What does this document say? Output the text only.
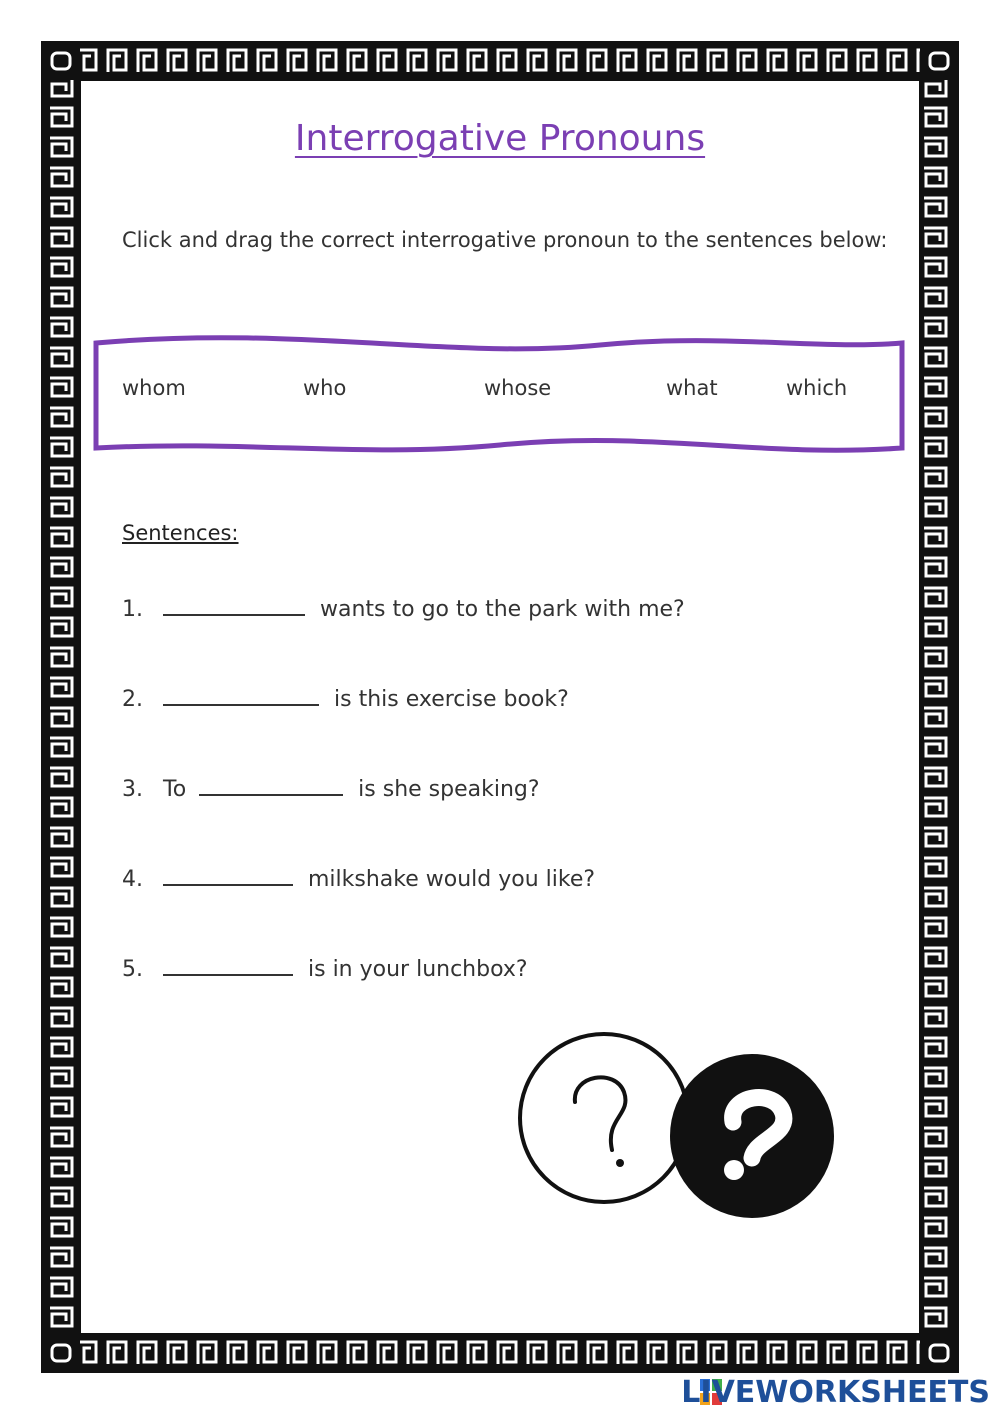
Interrogative Pronouns
Click and drag the correct interrogative pronoun to the sentences below:
whom	who	whose	what	which
Sentences:
1.	wants to go to the park with me?
2.	is this exercise book?
3. To	is she speaking?
4.	milkshake would you like?
5.	is in your lunchbox?
LIVEWORKSHEETS
